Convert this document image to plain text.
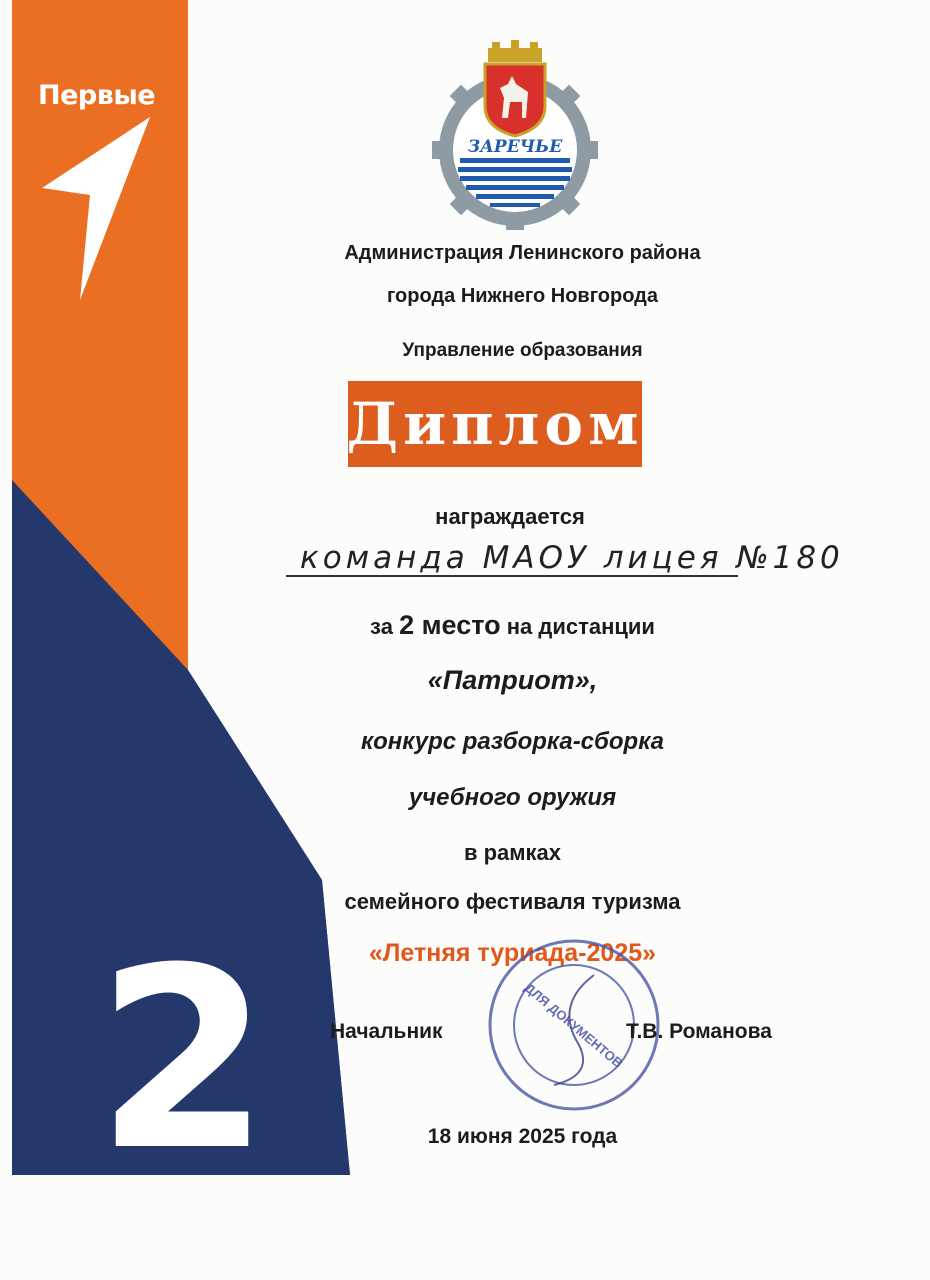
Первые
2
ЗАРЕЧЬЕ
Администрация Ленинского района
города Нижнего Новгорода
Управление образования
Диплом
награждается
команда МАОУ лицея №180
за 2 место на дистанции
«Патриот»,
конкурс разборка-сборка
учебного оружия
в рамках
семейного фестиваля туризма
«Летняя туриада-2025»
ДЛЯ ДОКУМЕНТОВ
Начальник	Т.В. Романова
18 июня 2025 года
